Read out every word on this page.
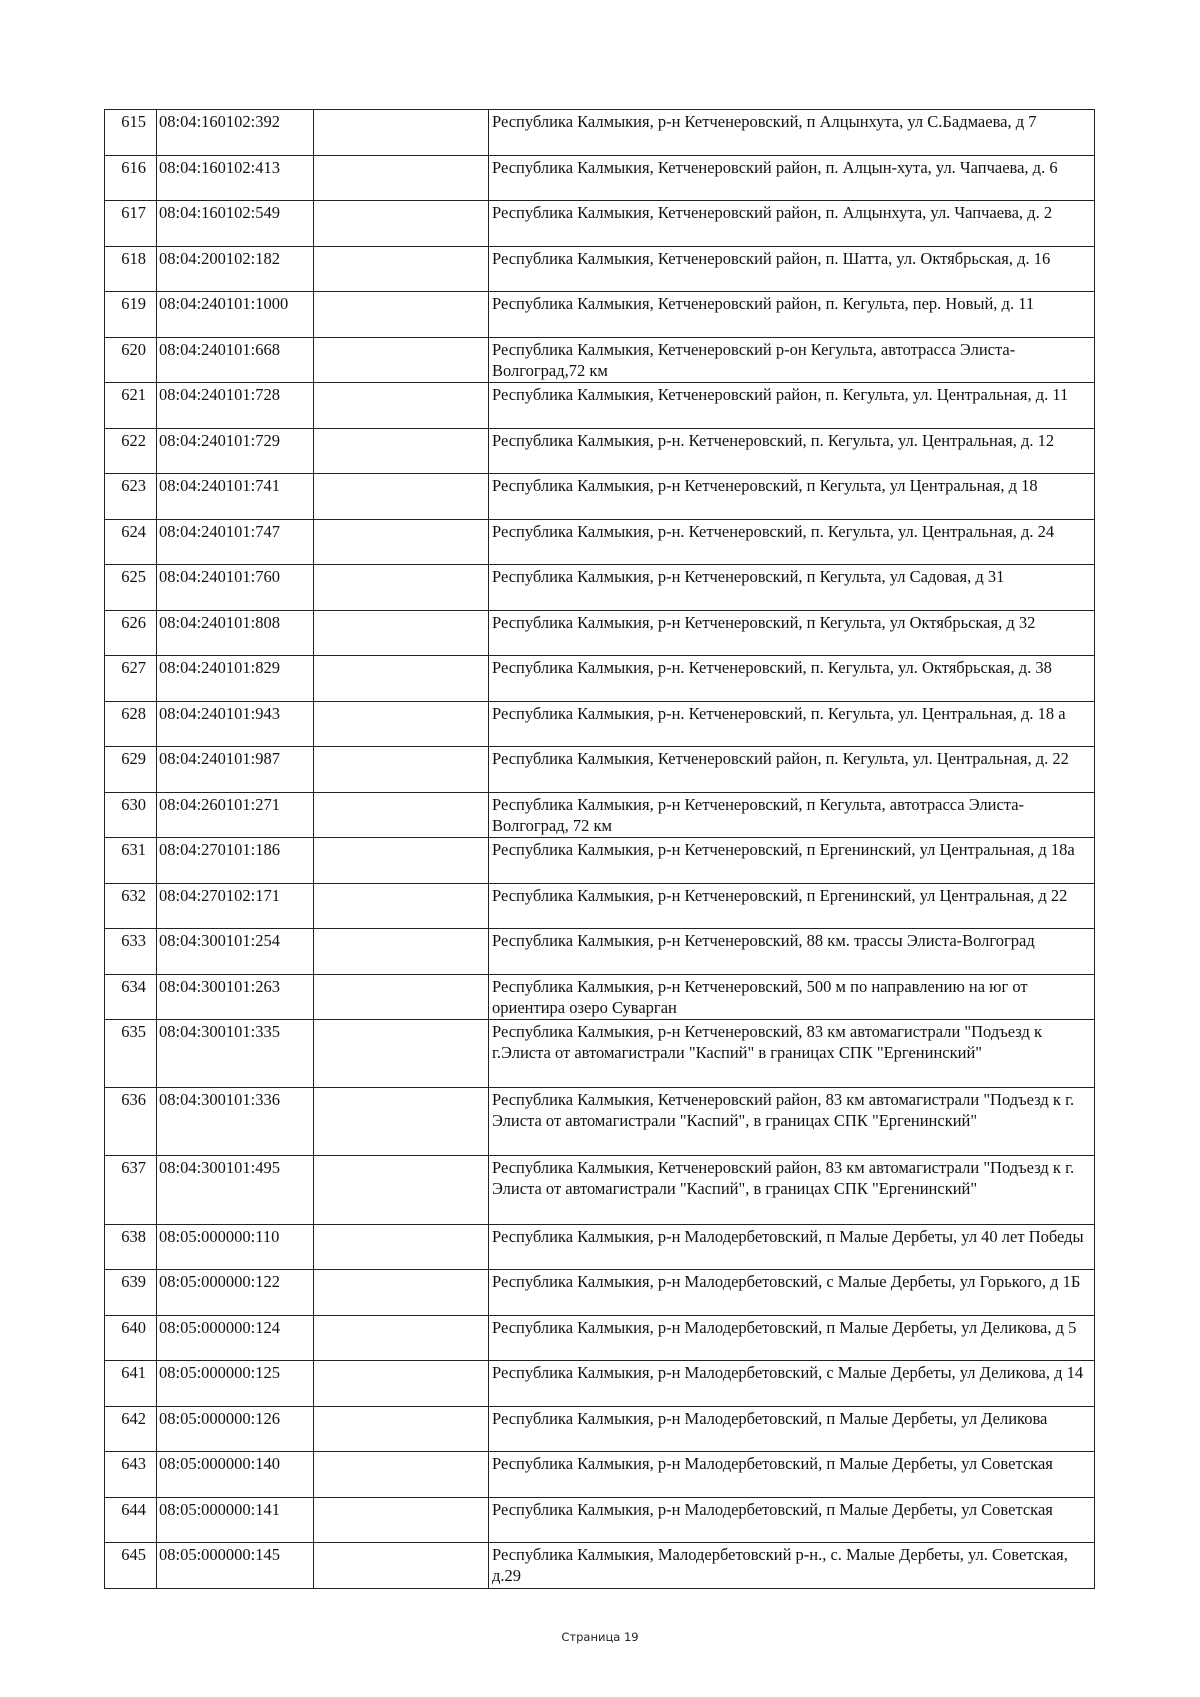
615	08:04:160102:392		Республика Калмыкия, р-н Кетченеровский, п Алцынхута, ул С.Бадмаева, д 7
616	08:04:160102:413		Республика Калмыкия, Кетченеровский район, п. Алцын-хута, ул. Чапчаева, д. 6
617	08:04:160102:549		Республика Калмыкия, Кетченеровский район, п. Алцынхута, ул. Чапчаева, д. 2
618	08:04:200102:182		Республика Калмыкия, Кетченеровский район, п. Шатта, ул. Октябрьская, д. 16
619	08:04:240101:1000		Республика Калмыкия, Кетченеровский район, п. Кегульта, пер. Новый, д. 11
620	08:04:240101:668		Республика Калмыкия, Кетченеровский р-он Кегульта, автотрасса Элиста-Волгоград,72 км
621	08:04:240101:728		Республика Калмыкия, Кетченеровский район, п. Кегульта, ул. Центральная, д. 11
622	08:04:240101:729		Республика Калмыкия, р-н. Кетченеровский, п. Кегульта, ул. Центральная, д. 12
623	08:04:240101:741		Республика Калмыкия, р-н Кетченеровский, п Кегульта, ул Центральная, д 18
624	08:04:240101:747		Республика Калмыкия, р-н. Кетченеровский, п. Кегульта, ул. Центральная, д. 24
625	08:04:240101:760		Республика Калмыкия, р-н Кетченеровский, п Кегульта, ул Садовая, д 31
626	08:04:240101:808		Республика Калмыкия, р-н Кетченеровский, п Кегульта, ул Октябрьская, д 32
627	08:04:240101:829		Республика Калмыкия, р-н. Кетченеровский, п. Кегульта, ул. Октябрьская, д. 38
628	08:04:240101:943		Республика Калмыкия, р-н. Кетченеровский, п. Кегульта, ул. Центральная, д. 18 а
629	08:04:240101:987		Республика Калмыкия, Кетченеровский район, п. Кегульта, ул. Центральная, д. 22
630	08:04:260101:271		Республика Калмыкия, р-н Кетченеровский, п Кегульта, автотрасса Элиста-Волгоград, 72 км
631	08:04:270101:186		Республика Калмыкия, р-н Кетченеровский, п Ергенинский, ул Центральная, д 18а
632	08:04:270102:171		Республика Калмыкия, р-н Кетченеровский, п Ергенинский, ул Центральная, д 22
633	08:04:300101:254		Республика Калмыкия, р-н Кетченеровский, 88 км. трассы Элиста-Волгоград
634	08:04:300101:263		Республика Калмыкия, р-н Кетченеровский, 500 м по направлению на юг от ориентира озеро Суварган
635	08:04:300101:335		Республика Калмыкия, р-н Кетченеровский, 83 км автомагистрали "Подъезд к г.Элиста от автомагистрали "Каспий" в границах СПК "Ергенинский"
636	08:04:300101:336		Республика Калмыкия, Кетченеровский район, 83 км автомагистрали "Подъезд к г. Элиста от автомагистрали "Каспий", в границах СПК "Ергенинский"
637	08:04:300101:495		Республика Калмыкия, Кетченеровский район, 83 км автомагистрали "Подъезд к г. Элиста от автомагистрали "Каспий", в границах СПК "Ергенинский"
638	08:05:000000:110		Республика Калмыкия, р-н Малодербетовский, п Малые Дербеты, ул 40 лет Победы
639	08:05:000000:122		Республика Калмыкия, р-н Малодербетовский, с Малые Дербеты, ул Горького, д 1Б
640	08:05:000000:124		Республика Калмыкия, р-н Малодербетовский, п Малые Дербеты, ул Деликова, д 5
641	08:05:000000:125		Республика Калмыкия, р-н Малодербетовский, с Малые Дербеты, ул Деликова, д 14
642	08:05:000000:126		Республика Калмыкия, р-н Малодербетовский, п Малые Дербеты, ул Деликова
643	08:05:000000:140		Республика Калмыкия, р-н Малодербетовский, п Малые Дербеты, ул Советская
644	08:05:000000:141		Республика Калмыкия, р-н Малодербетовский, п Малые Дербеты, ул Советская
645	08:05:000000:145		Республика Калмыкия, Малодербетовский р-н., с. Малые Дербеты, ул. Советская, д.29
Страница 19
